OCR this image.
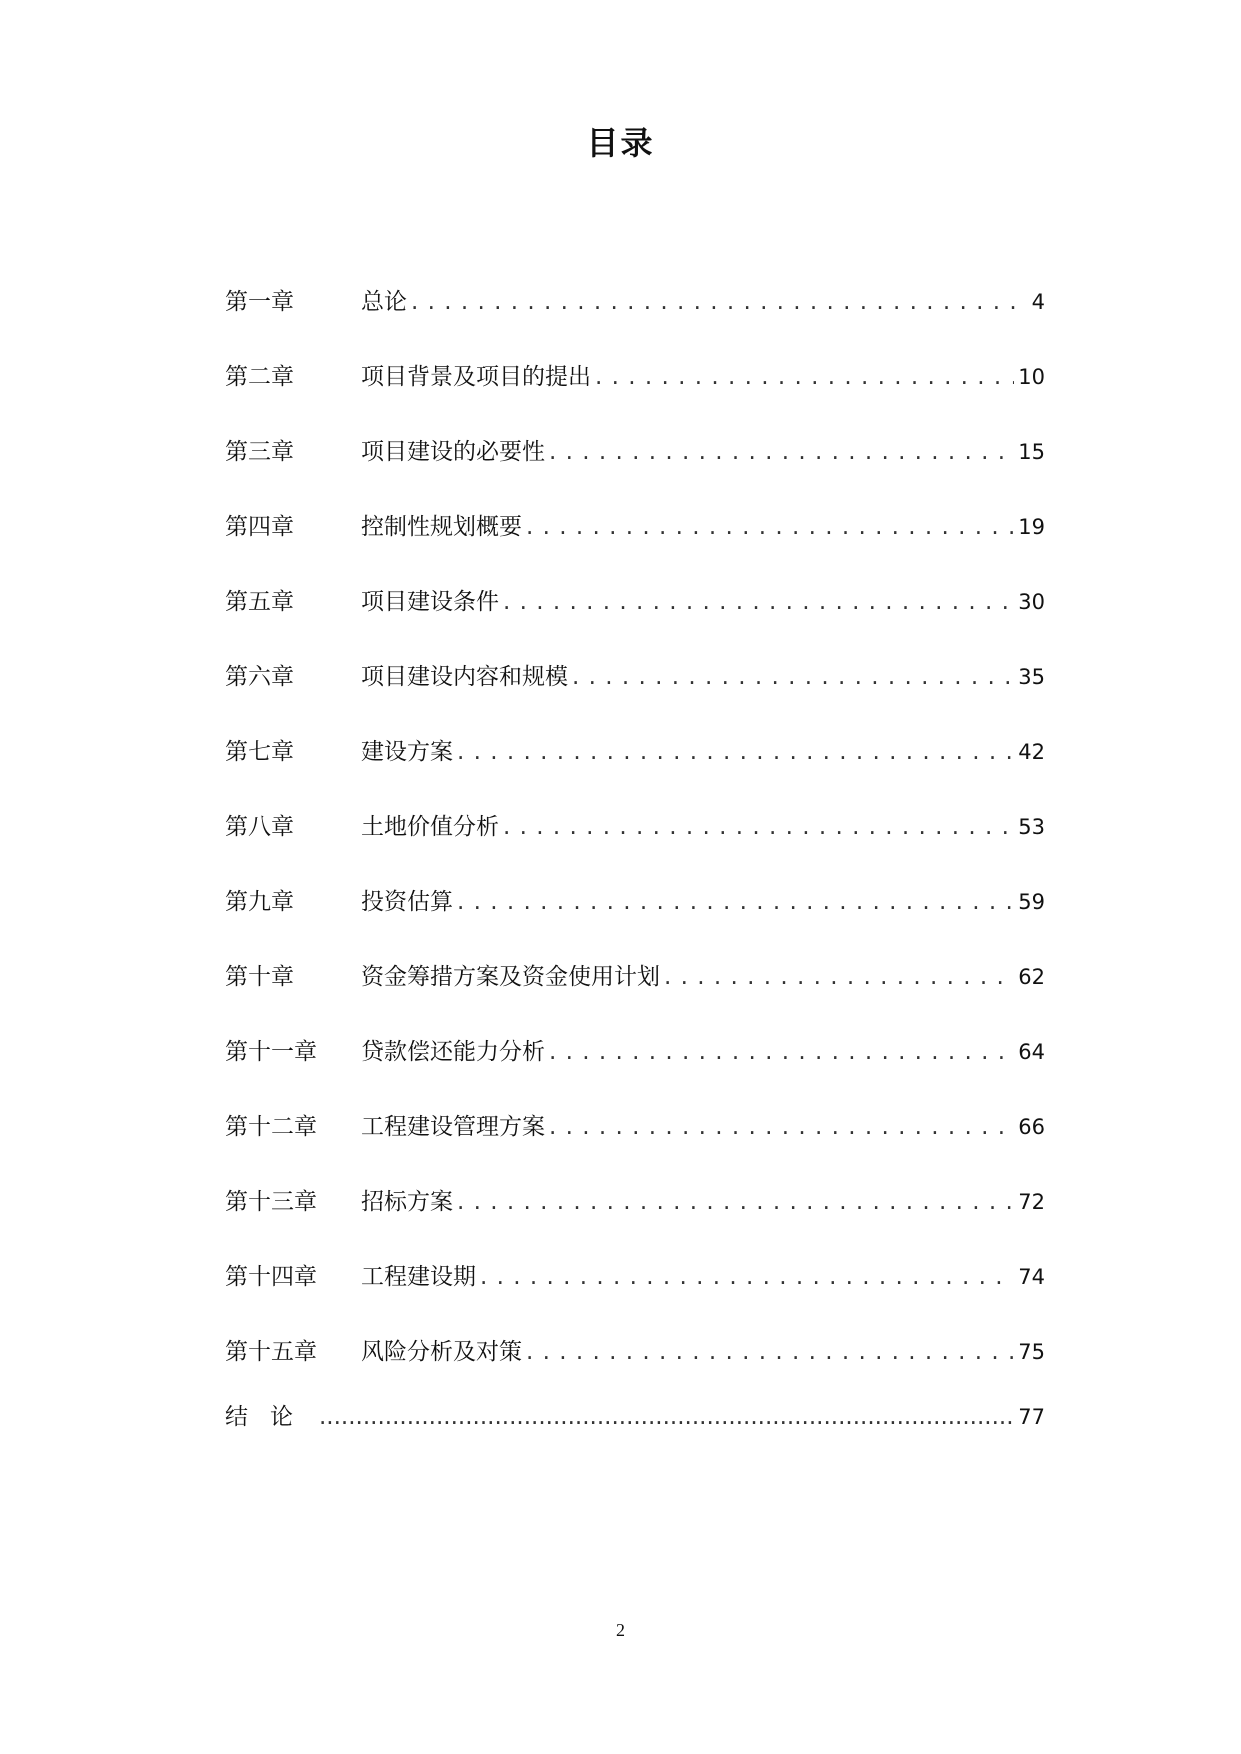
目录
第一章	总论 . . .	4
第二章	项目背景及项目的提出 . . .	10
第三章	项目建设的必要性 . . .	15
第四章	控制性规划概要 . . .	19
第五章	项目建设条件 . . .	30
第六章	项目建设内容和规模 . . .	35
第七章	建设方案 . . .	42
第八章	土地价值分析 . . .	53
第九章	投资估算 . . .	59
第十章	资金筹措方案及资金使用计划 . . .	62
第十一章	贷款偿还能力分析 . . .	64
第十二章	工程建设管理方案 . . .	66
第十三章	招标方案 . . .	72
第十四章	工程建设期 . . .	74
第十五章	风险分析及对策 . . .	75
结论 .....	77
2
